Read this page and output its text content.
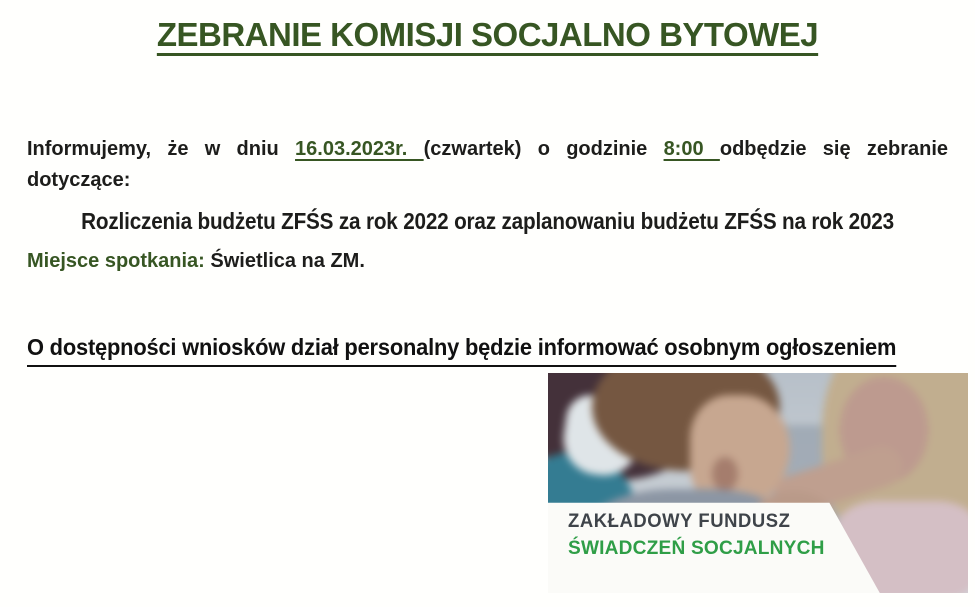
ZEBRANIE KOMISJI SOCJALNO BYTOWEJ
Informujemy, że w dniu 16.03.2023r. (czwartek) o godzinie 8:00 odbędzie się zebranie
dotyczące:
Rozliczenia budżetu ZFŚS za rok 2022 oraz zaplanowaniu budżetu ZFŚS na rok 2023
Miejsce spotkania: Świetlica na ZM.
O dostępności wniosków dział personalny będzie informować osobnym ogłoszeniem
ZAKŁADOWY FUNDUSZ
ŚWIADCZEŃ SOCJALNYCH
